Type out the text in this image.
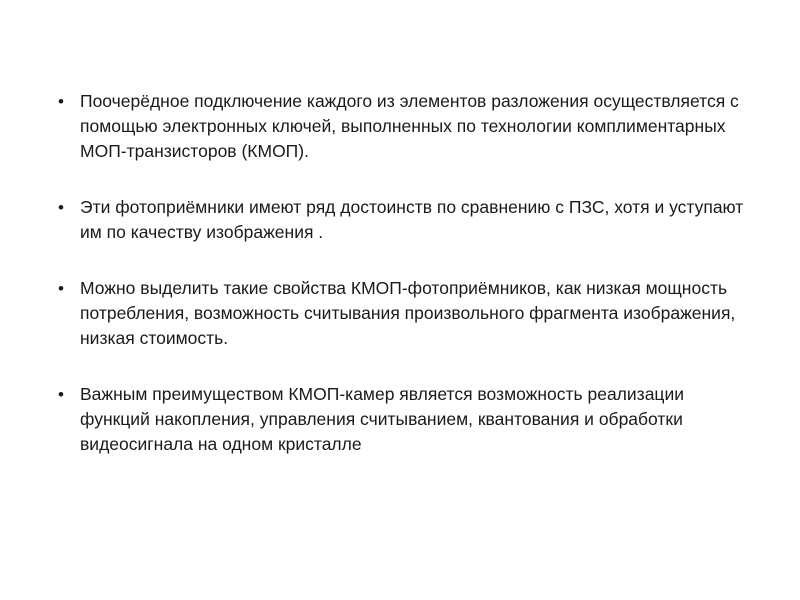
• Поочерёдное подключение каждого из элементов разложения осуществляется с помощью электронных ключей, выполненных по технологии комплиментарных МОП-транзисторов (КМОП).
• Эти фотоприёмники имеют ряд достоинств по сравнению с ПЗС, хотя и уступают им по качеству изображения .
• Можно выделить такие свойства КМОП-фотоприёмников, как низкая мощность потребления, возможность считывания произвольного фрагмента изображения, низкая стоимость.
• Важным преимуществом КМОП-камер является возможность реализации функций накопления, управления считыванием, квантования и обработки видеосигнала на одном кристалле
